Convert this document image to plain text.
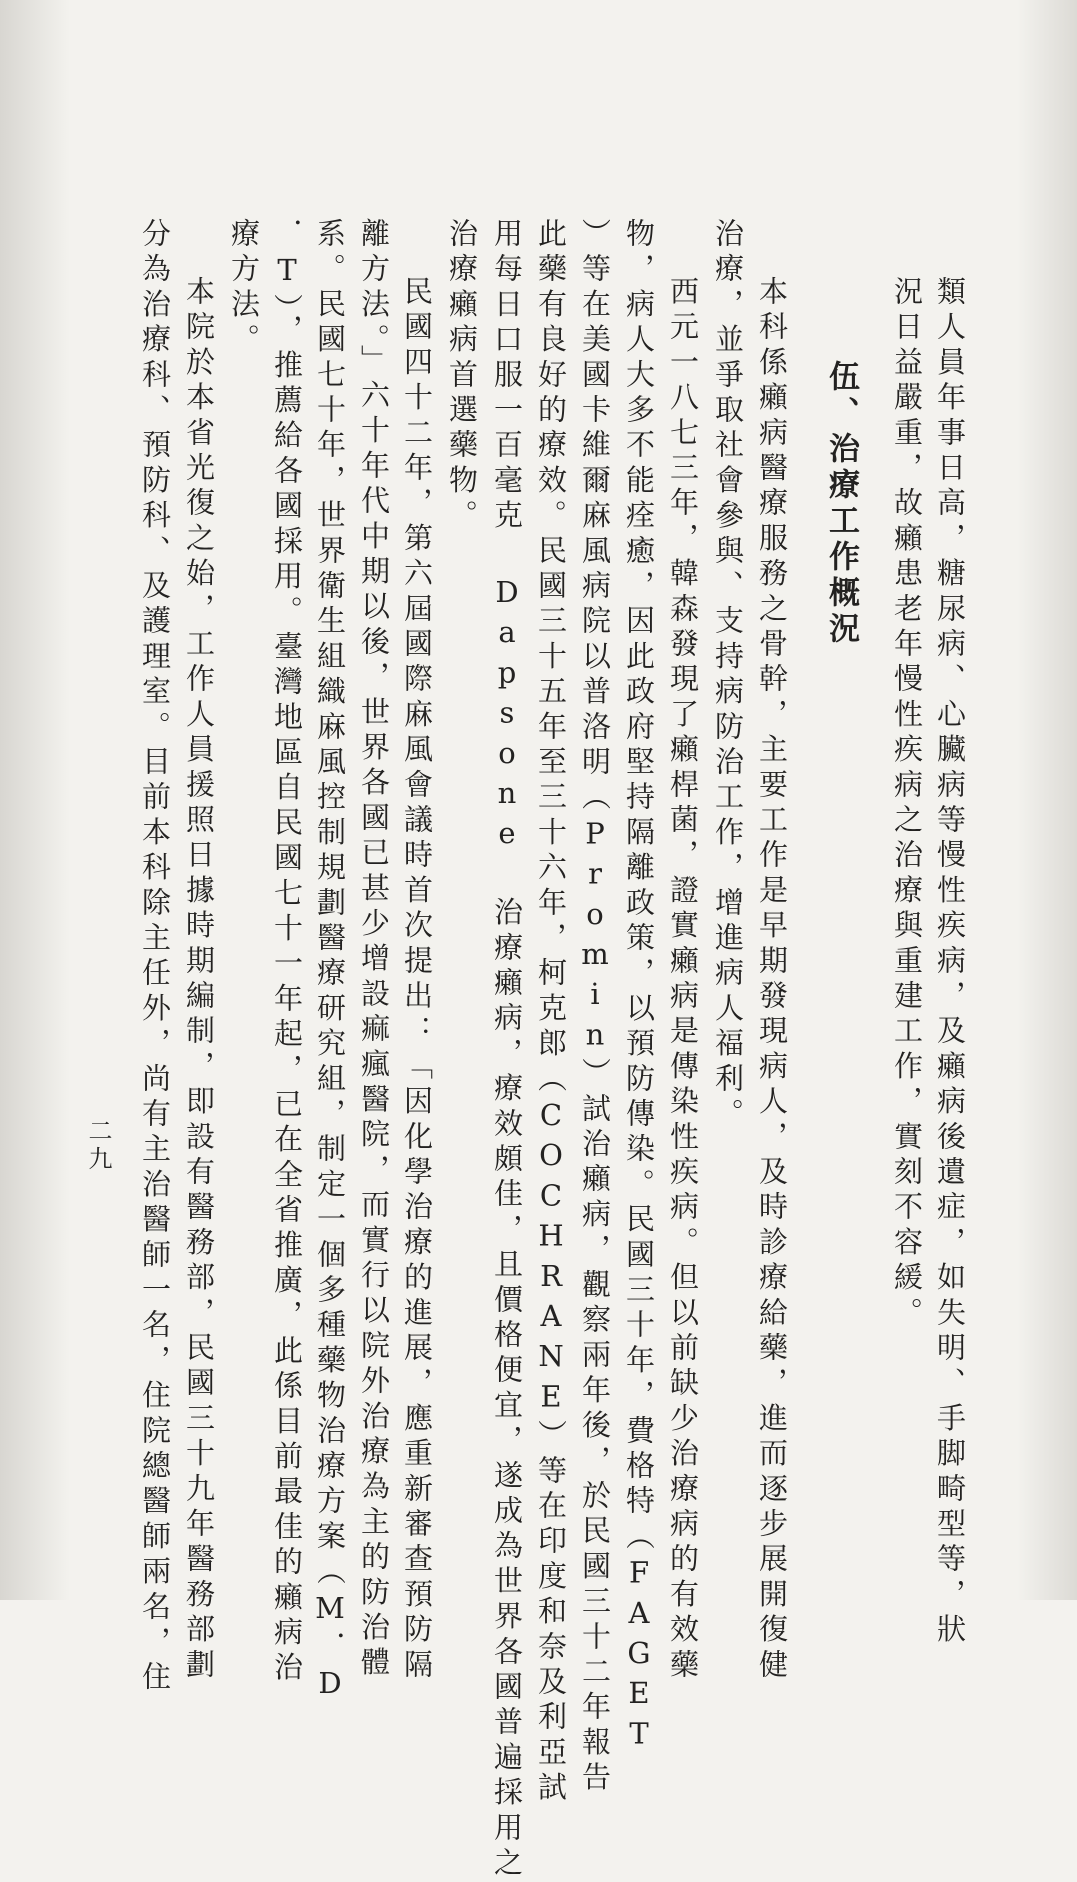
類人員年事日高，糖尿病、心臟病等慢性疾病，及癩病後遺症，如失明、手脚畸型等，狀
況日益嚴重，故癩患老年慢性疾病之治療與重建工作，實刻不容緩。
伍、治療工作概況
本科係癩病醫療服務之骨幹，主要工作是早期發現病人，及時診療給藥，進而逐步展開復健
治療，並爭取社會參與、支持病防治工作，增進病人福利。
西元一八七三年，韓森發現了癩桿菌，證實癩病是傳染性疾病。但以前缺少治療病的有效藥
物，病人大多不能痊癒，因此政府堅持隔離政策，以預防傳染。民國三十年，費格特（FAGET
）等在美國卡維爾麻風病院以普洛明（Promin）試治癩病，觀察兩年後，於民國三十二年報告
此藥有良好的療效。民國三十五年至三十六年，柯克郎（COCHRANE）等在印度和奈及利亞試
用每日口服一百毫克 Dapsone 治療癩病，療效頗佳，且價格便宜，遂成為世界各國普遍採用之
治療癩病首選藥物。
民國四十二年，第六屆國際麻風會議時首次提出：「因化學治療的進展，應重新審查預防隔
離方法。」六十年代中期以後，世界各國已甚少增設痲瘋醫院，而實行以院外治療為主的防治體
系。民國七十年，世界衛生組織麻風控制規劃醫療研究組，制定一個多種藥物治療方案（M．D
．T），推薦給各國採用。臺灣地區自民國七十一年起，已在全省推廣，此係目前最佳的癩病治
療方法。
本院於本省光復之始，工作人員援照日據時期編制，即設有醫務部，民國三十九年醫務部劃
分為治療科、預防科、及護理室。目前本科除主任外，尚有主治醫師一名，住院總醫師兩名，住
二九
